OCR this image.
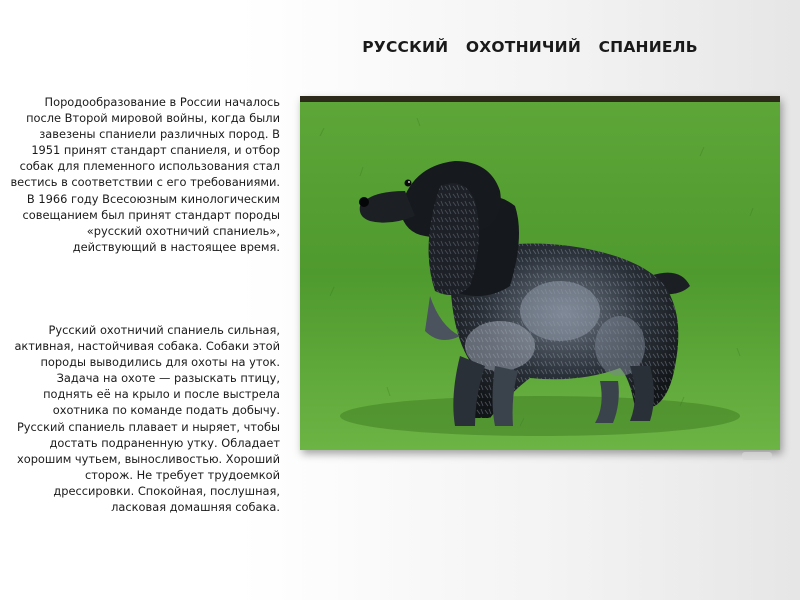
РУССКИЙ ОХОТНИЧИЙ СПАНИЕЛЬ

Породообразование в России началось после Второй мировой войны, когда были завезены спаниели различных пород. В 1951 принят стандарт спаниеля, и отбор собак для племенного использования стал вестись в соответствии с его требованиями. В 1966 году Всесоюзным кинологическим совещанием был принят стандарт породы «русский охотничий спаниель», действующий в настоящее время.

Русский охотничий спаниель сильная, активная, настойчивая собака. Собаки этой породы выводились для охоты на уток. Задача на охоте — разыскать птицу, поднять её на крыло и после выстрела охотника по команде подать добычу. Русский спаниель плавает и ныряет, чтобы достать подраненную утку. Обладает хорошим чутьем, выносливостью. Хороший сторож. Не требует трудоемкой дрессировки. Спокойная, послушная, ласковая домашняя собака.
